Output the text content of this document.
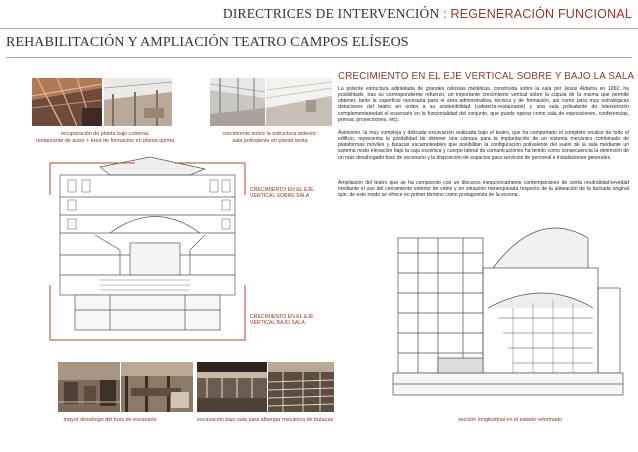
DIRECTRICES DE INTERVENCIÓN : REGENERACIÓN FUNCIONAL
REHABILITACIÓN Y AMPLIACIÓN TEATRO CAMPOS ELÍSEOS
CRECIMIENTO EN EL EJE VERTICAL SOBRE Y BAJO LA SALA
La potente estructura adintelada de grandes celosías metálicas, construida sobre la sala por Jesús Aldama en 1992, ha posibilitado, tras su correspondiente refuerzo, un importante crecimiento vertical sobre la cúpula de la misma que permite obtener, tanto la superficie necesaria para el área administrativa, técnica y de formación, así como para muy estratégicas dotaciones del teatro en orden a su sostenibilidad (cafetería-restaurante) y una sala polivalente de intervención complementariedad el escenario en la funcionalidad del conjunto, que puede operar como sala de exposiciones, conferencias, prensa, proyecciones, etc).
Asimismo, la muy compleja y delicada excavación realizada bajo el teatro, que ha comportado el completo recalce de todo el edificio, representa la posibilidad de obtener una cámara para la implantación de un sistema mecánico combinado de plataformas móviles y butacas escamoteables que posibilitan la configuración polivalente del suelo de la sala mediante un sistema mixto elevación bajo la caja escénica y cuerpo lateral de comunicaciones ha tenido como consecuencia la obtención de un más desahogado foso de escenario y la disposición de espacios para servicios de personal e instalaciones generales.
Ampliación del teatro que se ha compuesto con un discurso inequívocamente contemporáneo de cierta neutralidad-levedad mediante el uso del cerramiento exterior de vidrio y en situación retranqueada respecto de la alineación de la fachada original que, de este modo se ofrece en primer término como protagonista de la escena.
recuperación de planta bajo cubierta:
restaurante de autor + área de formación en planta quinta
crecimiento sobre la estructura anterior:
sala polivalente en planta sexta
CRECIMIENTO EN EL EJE
VERTICAL SOBRE SALA
CRECIMIENTO EN EL EJE
VERTICAL BAJO SALA
mayor desahogo del foso de escenario	excavación bajo sala para albergar mecánica de butacas	sección longitudinal en el estado reformado
